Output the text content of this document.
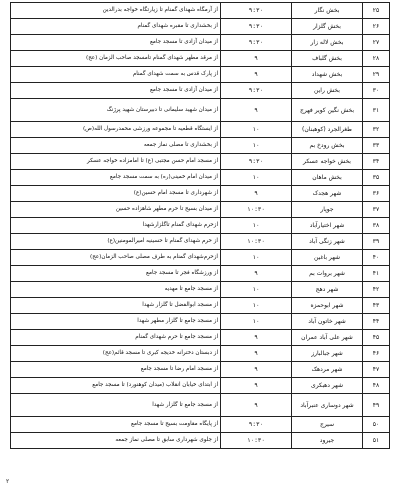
۲۵	بخش نگار	۹:۳۰	از آرمگاه شهدای گمنام تا زیارتگاه خواجه بدرالدین
۲۶	بخش گلزار	۹:۳۰	از بخشداری تا مقبره شهدای گمنام
۲۷	بخش لاله زار	۹:۳۰	از میدان آزادی تا مسجد جامع
۲۸	بخش گلباف	۹	از مرقد مطهر شهدای گمنام تامسجد صاحب الزمان (عج)
۲۹	بخش شهداد	۹	از پارک قدس به سمت شهدای گمنام
۳۰	بخش راین	۹:۳۰	از میدان آزادی تا مسجد جامع
۳۱	بخش نگین کویر فهرج	۹	از میدان شهید سلیمانی تا دبیرستان شهید پرژنگ
۳۲	طغرالجرد (کوهبنان)	۱۰	از ایستگاه قطعیه تا مجموعه ورزشی محمدرسول الله(ص)
۳۳	بخش رودخ بم	۱۰	از بخشداری تا مصلی نماز جمعه
۳۴	بخش خواجه عسکر	۹:۳۰	از مسجد امام حسن مجتبی (ع) تا امامزاده خواجه عسکر
۳۵	بخش ماهان	۱۰	از میدان امام خمینی(ره) به سمت مسجد جامع
۳۶	شهر هجدک	۹	از شهرداری تا مسجد امام حسین(ع)
۳۷	جوپار	۱۰:۳۰	از میدان بسیج تا حرم مطهر شاهزاده حسین
۳۸	شهر اختیارآباد	۱۰	ازحرم شهدای گمنام تاگلزارشهدا
۳۹	شهر زنگی آباد	۱۰:۳۰	از حرم شهدای گمنام تا حسینیه امیرالمومنین(ع)
۴۰	شهر باغین	۱۰	ازحرم‌شهدای گمنام به طرف مصلی صاحب الزمان(عج)
۴۱	شهر بروات بم	۹	از ورزشگاه فجر تا مسجد جامع
۴۲	شهر دهج	۱۰	از مسجد جامع تا مهدیه
۴۳	شهر ابوحمزه	۱۰	از مسجد ابوالفضل تا گلزار شهدا
۴۴	شهر خاتون آباد	۱۰	از مسجد جامع تا گلزار مطهر شهدا
۴۵	شهر علی آباد عمران	۹	از مسجد جامع تا حرم شهدای گمنام
۴۶	شهر جبالبارز	۹	از دبستان دخترانه خدیجه کبری تا مسجد قائم(عج)
۴۷	شهر مردهک	۹	از مسجد امام رضا تا مسجد جامع
۴۸	شهر دهبکری	۹	از ابتدای خیابان انقلاب (میدان کوهنورد) تا مسجد جامع
۴۹	شهر دوساری عنبرآباد	۹	از مسجد جامع تا گلزار شهدا
۵۰	سیرج	۹:۳۰	از پایگاه مقاومت بسیج تا مسجد جامع
۵۱	جیرود	۱۰:۳۰	از جلوی شهرداری سابق تا مصلی نماز جمعه
۲
